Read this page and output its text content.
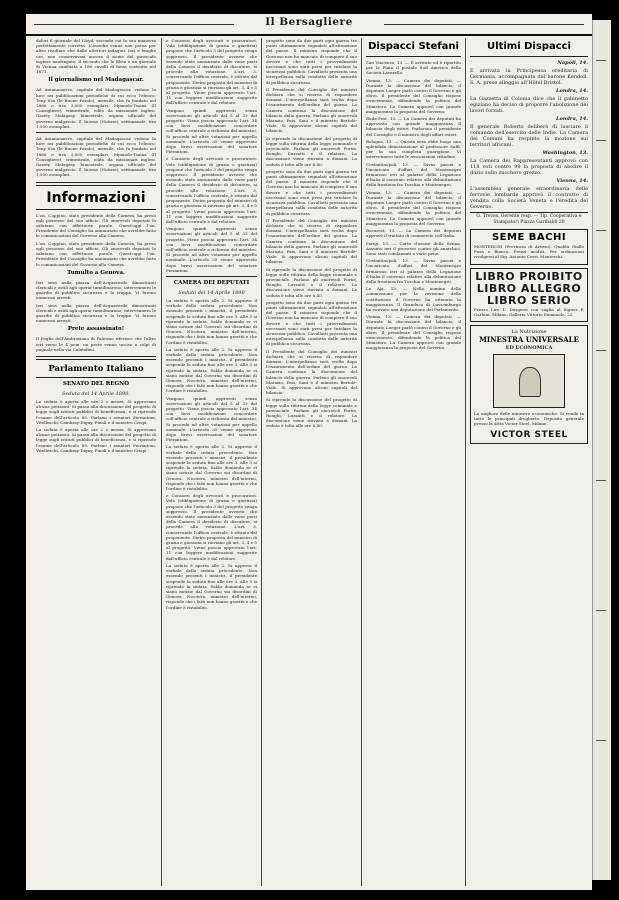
Il Bersagliere

dolori il giornale del Lloyd, secondo cui la sua manovra perfettamente corretta. L'assedio venne non potea per altro risultare che dalle ulteriori indagini. Ieri e lunghe ore, non conservavasi ancora il nome del piroscafo inglese naufragato. Il secondo che la Elisa e un giornale di Vienna cambiata a 180 cavalli di forza costruito nel 1871.

Il giornalismo nel Madagascar.

Ad Antananarivo, capitale del Madagascar, vedono la luce sei pubblicazioni periodiche di cui ecco l'elenco: Teny Soa (le Buone Parole), mensile, che fu fondato nel 1866 e tira 3,000 esemplari. Mpanolo-Tsaina (Il Consigliere), trimestrale, edito da missionari inglesi. Gazety Malagasy, bimestrale, organo ufficiale del governo malgascio. Il Vaovao (Notizie), settimanale, tira 1,500 esemplari.

Ad Antananarivo, capitale del Madagascar, vedono la luce sei pubblicazioni periodiche di cui ecco l'elenco: Teny Soa (le Buone Parole), mensile, che fu fondato nel 1866 e tira 3,000 esemplari. Mpanolo-Tsaina (Il Consigliere), trimestrale, edito da missionari inglesi. Gazety Malagasy, bimestrale, organo ufficiale del governo malgascio. Il Vaovao (Notizie), settimanale, tira 1,500 esemplari.

Informazioni

L'on. Coppino, stato presidente della Camera, ha preso egli possesso del suo ufficio. Gli onorevoli deputati lo salutano con affettuose parole. Quest'oggi l'on. Presidente del Consiglio ha annunziato che avrebbe fatto le comunicazioni del Governo alla Camera.

L'on. Coppino, stato presidente della Camera, ha preso egli possesso del suo ufficio. Gli onorevoli deputati lo salutano con affettuose parole. Quest'oggi l'on. Presidente del Consiglio ha annunziato che avrebbe fatto le comunicazioni del Governo alla Camera.

Tumulto a Genova.

Ieri sera nella piazza dell'Acquaverde dimostranti clericali e ostili agli operai tumultuarono; intervennero le guardie di pubblica sicurezza e la truppa. Vi furono numerosi arresti.

Ieri sera nella piazza dell'Acquaverde dimostranti clericali e ostili agli operai tumultuarono; intervennero le guardie di pubblica sicurezza e la truppa. Vi furono numerosi arresti.

Prete assassinato!

Il Foglio dell'Ambrosiano di Palermo riferisce che l'altro ieri verso le 4 pom. un prete venne ucciso a colpi di pugnale nella via Calatafimi.

Parlamento Italiano
SENATO DEL REGNO
Seduta del 14 Aprile 1890.

La seduta è aperta alle ore 2 e mezza. Si approvano alcune petizioni. Si passa alla discussione del progetto di legge sugli istituti pubblici di beneficenza, e si riprende l'esame dell'articolo 85. Parlano i senatori Pierantoni, Vitelleschi, Cambray-Digny, Finali e il ministro Crispi.

La seduta è aperta alle ore 2 e mezza. Si approvano alcune petizioni. Si passa alla discussione del progetto di legge sugli istituti pubblici di beneficenza, e si riprende l'esame dell'articolo 85. Parlano i senatori Pierantoni, Vitelleschi, Cambray-Digny, Finali e il ministro Crispi.

e Consorzi degli avvocati e procuratori. Vola (obbligazione di grazia e giustizia) propone che l'articolo 3 del progetto venga soppresso. Il presidente avverte che essendo stato annunziato dalle varie parti della Camera il desiderio di discutere, si procede alla votazione. L'art. 3, conservando l'ufficio centrale, è ritirato dal proponente. Dietro proposta del ministro di grazia e giustizia si rinviano gli art. 3, 4 e 5 al progetto. Viene poscia approvato l'art. 11 con leggere modificazioni suggerite dall'ufficio centrale e dal relatore.

Vengono quindi approvati senza osservazioni gli articoli dal 5 al 33 del progetto. Viene poscia approvato l'art. 34 con lievi modificazioni concordate coll'ufficio centrale a richiesta del ministro. Si procede ad altre votazioni per appello nominale. L'articolo 35 venne approvato dopo brevi osservazioni del senatore Pierantoni.

e Consorzi degli avvocati e procuratori. Vola (obbligazione di grazia e giustizia) propone che l'articolo 3 del progetto venga soppresso. Il presidente avverte che essendo stato annunziato dalle varie parti della Camera il desiderio di discutere, si procede alla votazione. L'art. 3, conservando l'ufficio centrale, è ritirato dal proponente. Dietro proposta del ministro di grazia e giustizia si rinviano gli art. 3, 4 e 5 al progetto. Viene poscia approvato l'art. 11 con leggere modificazioni suggerite dall'ufficio centrale e dal relatore.

Vengono quindi approvati senza osservazioni gli articoli dal 5 al 33 del progetto. Viene poscia approvato l'art. 34 con lievi modificazioni concordate coll'ufficio centrale a richiesta del ministro. Si procede ad altre votazioni per appello nominale. L'articolo 35 venne approvato dopo brevi osservazioni del senatore Pierantoni.

CAMERA DEI DEPUTATI
Seduta del 14 Aprile 1890

La seduta è aperta alle 2. Si approva il verbale della seduta precedente. Non essendo presenti i ministri, il presidente sospende la seduta fino alle ore 3. Alle 3 si riprende la seduta. Saldo domanda se vi siano notizie dal Governo sui disordini di Genova. Nicotera, ministro dell'interno, risponde che i fatti non hanno gravità e che l'ordine è ristabilito.

La seduta è aperta alle 2. Si approva il verbale della seduta precedente. Non essendo presenti i ministri, il presidente sospende la seduta fino alle ore 3. Alle 3 si riprende la seduta. Saldo domanda se vi siano notizie dal Governo sui disordini di Genova. Nicotera, ministro dell'interno, risponde che i fatti non hanno gravità e che l'ordine è ristabilito.

Vengono quindi approvati senza osservazioni gli articoli dal 5 al 33 del progetto. Viene poscia approvato l'art. 34 con lievi modificazioni concordate coll'ufficio centrale a richiesta del ministro. Si procede ad altre votazioni per appello nominale. L'articolo 35 venne approvato dopo brevi osservazioni del senatore Pierantoni.

La seduta è aperta alle 2. Si approva il verbale della seduta precedente. Non essendo presenti i ministri, il presidente sospende la seduta fino alle ore 3. Alle 3 si riprende la seduta. Saldo domanda se vi siano notizie dal Governo sui disordini di Genova. Nicotera, ministro dell'interno, risponde che i fatti non hanno gravità e che l'ordine è ristabilito.

e Consorzi degli avvocati e procuratori. Vola (obbligazione di grazia e giustizia) propone che l'articolo 3 del progetto venga soppresso. Il presidente avverte che essendo stato annunziato dalle varie parti della Camera il desiderio di discutere, si procede alla votazione. L'art. 3, conservando l'ufficio centrale, è ritirato dal proponente. Dietro proposta del ministro di grazia e giustizia si rinviano gli art. 3, 4 e 5 al progetto. Viene poscia approvato l'art. 11 con leggere modificazioni suggerite dall'ufficio centrale e dal relatore.

La seduta è aperta alle 2. Si approva il verbale della seduta precedente. Non essendo presenti i ministri, il presidente sospende la seduta fino alle ore 3. Alle 3 si riprende la seduta. Saldo domanda se vi siano notizie dal Governo sui disordini di Genova. Nicotera, ministro dell'interno, risponde che i fatti non hanno gravità e che l'ordine è ristabilito.

progetto sono da due parti ogni giorno tre punti ultimamente segnalati all'attenzione del paese. Il ministro risponde che il Governo non ha mancato di compiere il suo dovere e che tutti i provvedimenti necessari sono stati presi per tutelare la sicurezza pubblica. Cavallotti presenta una interpellanza sulla condotta delle autorità di pubblica sicurezza.

Il Presidente del Consiglio dei ministri dichiara che si riserva di rispondere domani. L'interpellanza sarà svolta dopo l'esaurimento dell'ordine del giorno. La Camera continua la discussione del bilancio della guerra. Parlano gli onorevoli Marazio, Pais, Sani e il ministro Bertolè-Viale. Si approvano alcuni capitoli del bilancio.

Si riprende la discussione del progetto di legge sulla riforma della legge comunale e provinciale. Parlano gli onorevoli Fortis, Bonghi, Luzzatti e il relatore. La discussione viene rinviata a domani. La seduta è tolta alle ore 6.40.

progetto sono da due parti ogni giorno tre punti ultimamente segnalati all'attenzione del paese. Il ministro risponde che il Governo non ha mancato di compiere il suo dovere e che tutti i provvedimenti necessari sono stati presi per tutelare la sicurezza pubblica. Cavallotti presenta una interpellanza sulla condotta delle autorità di pubblica sicurezza.

Il Presidente del Consiglio dei ministri dichiara che si riserva di rispondere domani. L'interpellanza sarà svolta dopo l'esaurimento dell'ordine del giorno. La Camera continua la discussione del bilancio della guerra. Parlano gli onorevoli Marazio, Pais, Sani e il ministro Bertolè-Viale. Si approvano alcuni capitoli del bilancio.

Si riprende la discussione del progetto di legge sulla riforma della legge comunale e provinciale. Parlano gli onorevoli Fortis, Bonghi, Luzzatti e il relatore. La discussione viene rinviata a domani. La seduta è tolta alle ore 6.40.

progetto sono da due parti ogni giorno tre punti ultimamente segnalati all'attenzione del paese. Il ministro risponde che il Governo non ha mancato di compiere il suo dovere e che tutti i provvedimenti necessari sono stati presi per tutelare la sicurezza pubblica. Cavallotti presenta una interpellanza sulla condotta delle autorità di pubblica sicurezza.

Il Presidente del Consiglio dei ministri dichiara che si riserva di rispondere domani. L'interpellanza sarà svolta dopo l'esaurimento dell'ordine del giorno. La Camera continua la discussione del bilancio della guerra. Parlano gli onorevoli Marazio, Pais, Sani e il ministro Bertolè-Viale. Si approvano alcuni capitoli del bilancio.

Si riprende la discussione del progetto di legge sulla riforma della legge comunale e provinciale. Parlano gli onorevoli Fortis, Bonghi, Luzzatti e il relatore. La discussione viene rinviata a domani. La seduta è tolta alle ore 6.40.

Dispacci Stefani

San Vincenzo, 13. — È arrivato ed è ripartito per la Plata il postale Sud America della Società Lavarello.

Vienna, 13. — Camera dei deputati. — Durante la discussione del bilancio, il deputato Lueger parlò contro il Governo e gli ebrei. Il presidente del Consiglio rispose vivacemente, difendendo la politica del Ministero. La Camera approvò con grande maggioranza la proposta del Governo.

Buda-Pest, 13. — La Camera dei deputati ha approvato con grande maggioranza il bilancio degli esteri. Parlarono il presidente del Consiglio e il ministro degli affari esteri.

Bologna, 13. — Questa sera ebbe luogo una splendida dimostrazione al professore Saffi, per la sua completa guarigione. Vi intervennero tutte le associazioni cittadine.

Costantinopoli, 13. — Savas pascià e l'incaricato d'affari del Montenegro firmarono ieri al palazzo della Legazione d'Italia il convenio relativo alla delimitazione della frontiera fra Turchia e Montenegro.

Vienna, 13. — Camera dei deputati. — Durante la discussione del bilancio, il deputato Lueger parlò contro il Governo e gli ebrei. Il presidente del Consiglio rispose vivacemente, difendendo la politica del Ministero. La Camera approvò con grande maggioranza la proposta del Governo.

Bucarest, 13. — La Camera dei deputati approvò il trattato di commercio coll'Italia.

Parigi, 13. — Corte d'assise della Senna. Assunto ieri il processo contro gli anarchici. Sono stati condannati a varie pene.

Costantinopoli, 13. — Savas pascià e l'incaricato d'affari del Montenegro firmarono ieri al palazzo della Legazione d'Italia il convenio relativo alla delimitazione della frontiera fra Turchia e Montenegro.

La Aja, 13. — Nella nomina della commissione per la revisione della costituzione il Governo ha ottenuto la maggioranza. Il Granduca di Lussemburgo ha ricevuto una deputazione del Parlamento.

Vienna, 13. — Camera dei deputati. — Durante la discussione del bilancio, il deputato Lueger parlò contro il Governo e gli ebrei. Il presidente del Consiglio rispose vivacemente, difendendo la politica del Ministero. La Camera approvò con grande maggioranza la proposta del Governo.

Ultimi Dispacci
Napoli, 14.

È arrivata la Principessa ereditaria di Germania, accompagnata dal barone Kendell. S. A. prese alloggio all'Hôtel Bristol.

Londra, 14.

La Gazzetta di Colonia dice che il gabinetto egiziano ha deciso di proporre l'abolizione dei lavori forzati.

Londra, 14.

Il generale Roberts deliberò di lasciare il comando dell'esercito delle Indie. La Camera dei Comuni ha respinto la mozione sui territori africani.

Washington, 13.

La Camera dei Rappresentanti approvò con 118 voti contro 99 la proposta di abolire il dazio sullo zucchero grezzo.

Vienna, 14.

L'assemblea generale straordinaria delle ferrovie lombarde approvò il contratto di vendita colla Società Veneta e l'eredità del Governo.

G. Treves, Gerente resp. — Tip. Cooperativa e Stampatori Piazza Garibaldi 20
SEME BACHI

MONTERCHI (Provincia di Arezzo). Qualità Giallo Pura e Bianco. Prezzi modici. Per ordinazioni rivolgersi al Sig. Antonio Cerri, Monterchi.

LIBRO PROIBITO
LIBRO ALLEGRO
LIBRO SERIO

Prezzo Lire 1. Dirigersi con vaglia al Signor F. Garbini, Milano, Galleria Vittorio Emanuele, 22.

La Nutrizione
MINESTRA UNIVERSALE
ED ECONOMICA

La migliore delle minestre economiche. Si vende in tutte le principali drogherie. Deposito generale presso la ditta Victor Steel, Milano.

VICTOR STEEL
